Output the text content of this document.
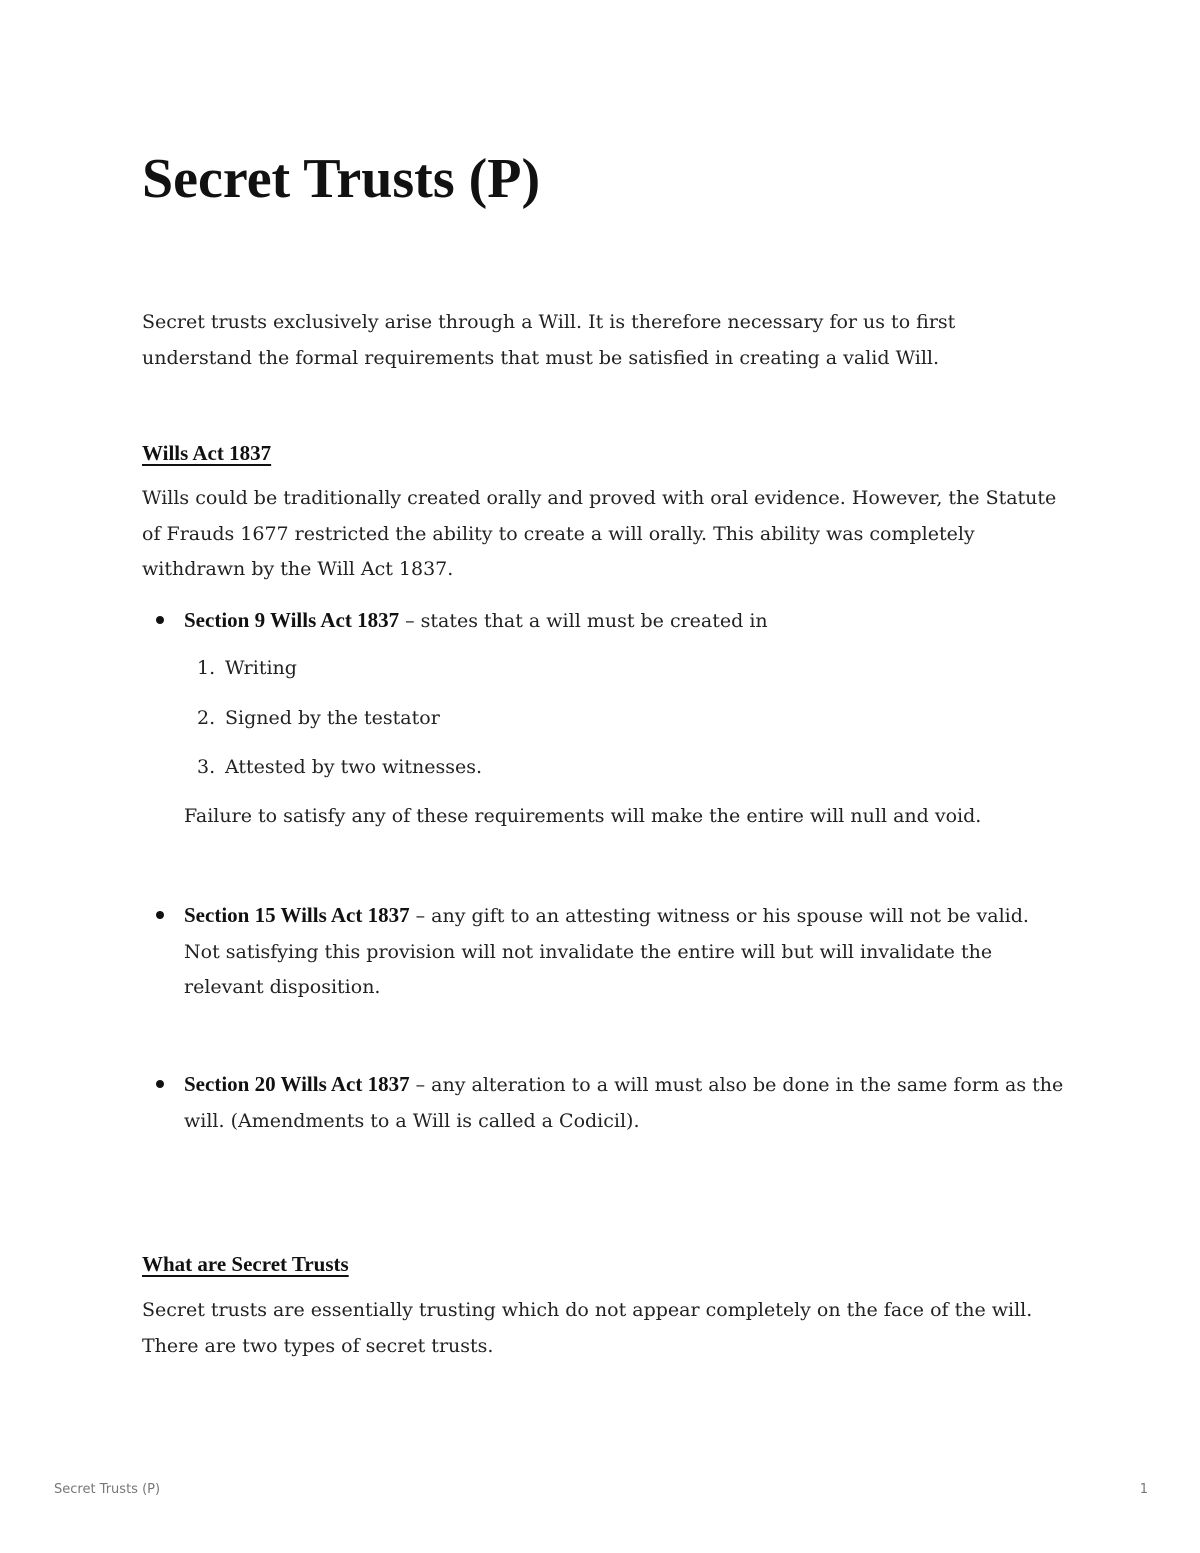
Secret Trusts (P)

Secret trusts exclusively arise through a Will. It is therefore necessary for us to first understand the formal requirements that must be satisfied in creating a valid Will.

Wills Act 1837

Wills could be traditionally created orally and proved with oral evidence. However, the Statute of Frauds 1677 restricted the ability to create a will orally. This ability was completely withdrawn by the Will Act 1837.

Section 9 Wills Act 1837 – states that a will must be created in
1. Writing
2. Signed by the testator
3. Attested by two witnesses.

Failure to satisfy any of these requirements will make the entire will null and void.

Section 15 Wills Act 1837 – any gift to an attesting witness or his spouse will not be valid. Not satisfying this provision will not invalidate the entire will but will invalidate the relevant disposition.
Section 20 Wills Act 1837 – any alteration to a will must also be done in the same form as the will. (Amendments to a Will is called a Codicil).
What are Secret Trusts

Secret trusts are essentially trusting which do not appear completely on the face of the will. There are two types of secret trusts.

Secret Trusts (P)	1
